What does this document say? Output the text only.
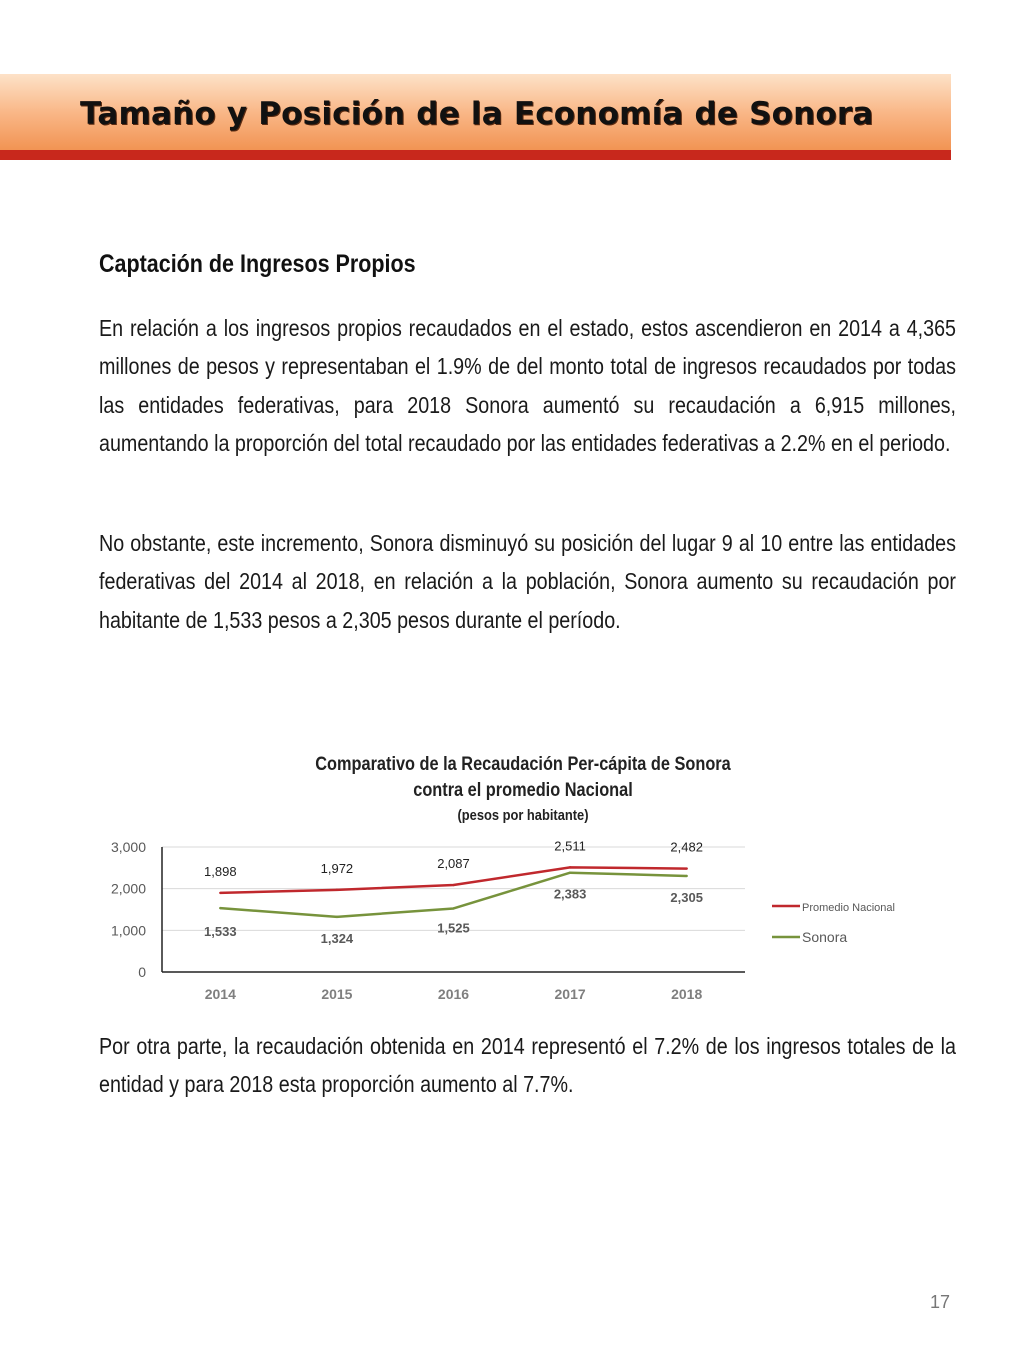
Tamaño y Posición de la Economía de Sonora
Captación de Ingresos Propios

En relación a los ingresos propios recaudados en el estado, estos ascendieron en 2014 a 4,365 millones de pesos y representaban el 1.9% de del monto total de ingresos recaudados por todas las entidades federativas, para 2018 Sonora aumentó su recaudación a 6,915 millones, aumentando la proporción del total recaudado por las entidades federativas a 2.2% en el periodo.

No obstante, este incremento, Sonora disminuyó su posición del lugar 9 al 10 entre las entidades federativas del 2014 al 2018, en relación a la población, Sonora aumento su recaudación por habitante de 1,533 pesos a 2,305 pesos durante el período.

Comparativo de la Recaudación Per-cápita de Sonora
contra el promedio Nacional
(pesos por habitante)
0
1,000
2,000
3,000
2014	2015	2016	2017	2018
1,898	1,972	2,087
2,511	2,482
1,533	1,324
1,525
2,383	2,305
Promedio Nacional
Sonora

Por otra parte, la recaudación obtenida en 2014 representó el 7.2% de los ingresos totales de la entidad y para 2018 esta proporción aumento al 7.7%.

17
